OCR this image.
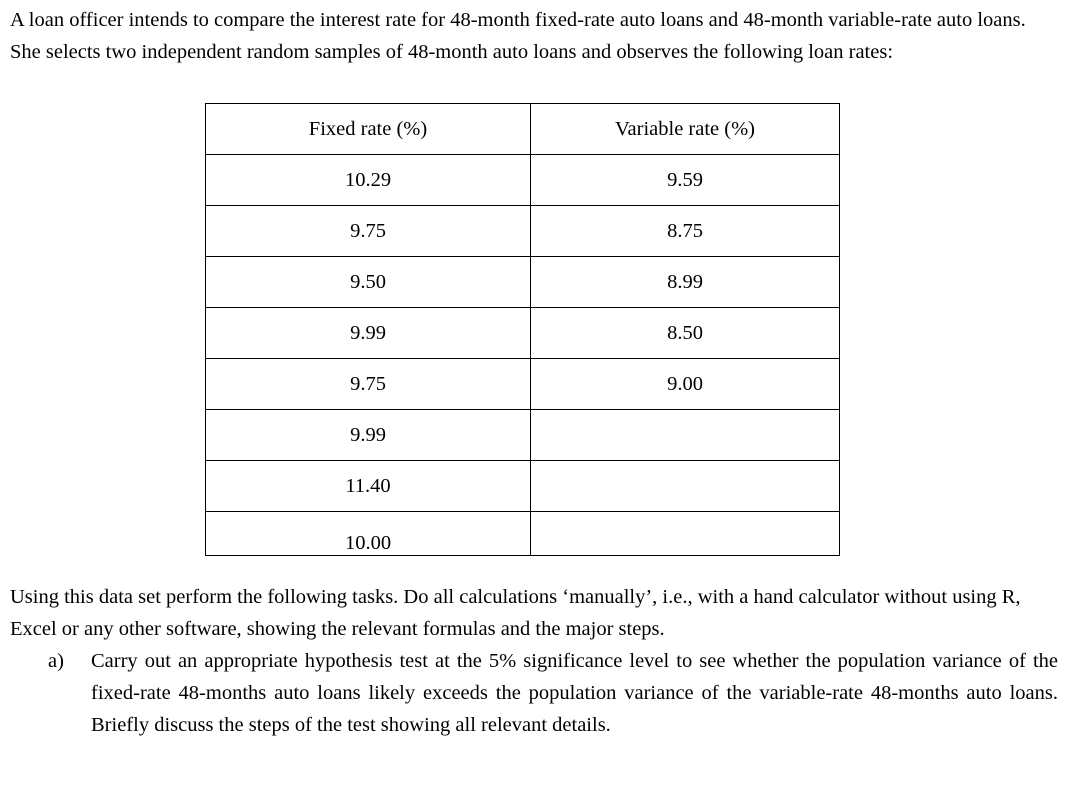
A loan officer intends to compare the interest rate for 48-month fixed-rate auto loans and 48-month variable-rate auto loans. She selects two independent random samples of 48-month auto loans and observes the following loan rates:

Fixed rate (%)	Variable rate (%)
10.29	9.59
9.75	8.75
9.50	8.99
9.99	8.50
9.75	9.00
9.99	
11.40	
10.00	

Using this data set perform the following tasks. Do all calculations ‘manually’, i.e., with a hand calculator without using R, Excel or any other software, showing the relevant formulas and the major steps.

a) Carry out an appropriate hypothesis test at the 5% significance level to see whether the population variance of the fixed-rate 48-months auto loans likely exceeds the population variance of the variable-rate 48-months auto loans. Briefly discuss the steps of the test showing all relevant details.
